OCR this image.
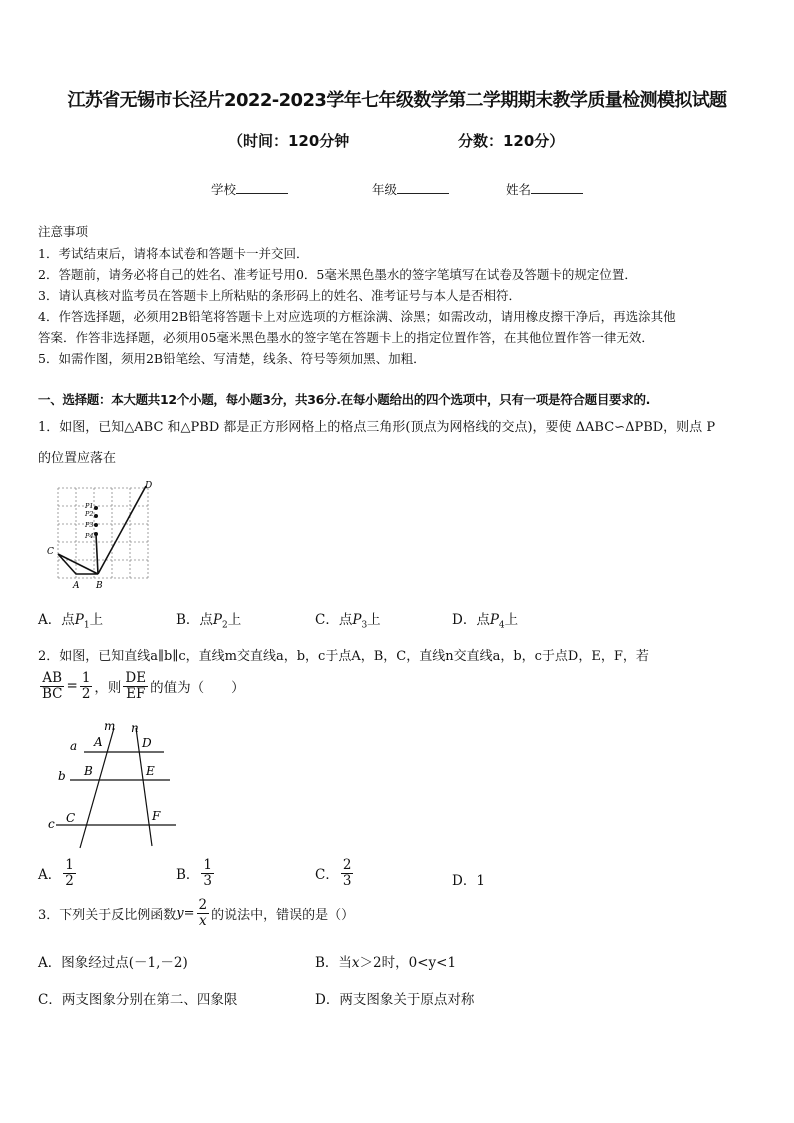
江苏省无锡市长泾片2022-2023学年七年级数学第二学期期末教学质量检测模拟试题
（时间：120分钟	分数：120分）
学校	年级	姓名
注意事项
1．考试结束后，请将本试卷和答题卡一并交回．
2．答题前，请务必将自己的姓名、准考证号用0．5毫米黑色墨水的签字笔填写在试卷及答题卡的规定位置．
3．请认真核对监考员在答题卡上所粘贴的条形码上的姓名、准考证号与本人是否相符．
4．作答选择题，必须用2B铅笔将答题卡上对应选项的方框涂满、涂黑；如需改动，请用橡皮擦干净后，再选涂其他
答案．作答非选择题，必须用05毫米黑色墨水的签字笔在答题卡上的指定位置作答，在其他位置作答一律无效．
5．如需作图，须用2B铅笔绘、写清楚，线条、符号等须加黑、加粗．
一、选择题：本大题共12个小题，每小题3分，共36分.在每小题给出的四个选项中，只有一项是符合题目要求的.
1．如图，已知△ABC 和△PBD 都是正方形网格上的格点三角形(顶点为网格线的交点)，要使 ΔABC∽ΔPBD，则点 P
的位置应落在
D
C
A B
P1
P2
P3
P4
A．点$P_1$上	B．点$P_2$上	C．点$P_3$上	D．点$P_4$上
2．如图，已知直线a∥b∥c，直线m交直线a，b，c于点A，B，C，直线n交直线a，b，c于点D，E，F，若
$\frac{AB}{BC} = \frac{1}{2}$ ，则 $\frac{DE}{EF}$ 的值为（　　）
m n
a
b
c
A	D
B	E
C	F
A． $\frac{1}{2}$	B． $\frac{1}{3}$	C． $\frac{2}{3}$	D．1
3．下列关于反比例函数 $y = \frac{2}{x}$ 的说法中，错误的是（）
A．图象经过点(－1,－2)	B．当x＞2时，0<y<1
C．两支图象分别在第二、四象限	D．两支图象关于原点对称
